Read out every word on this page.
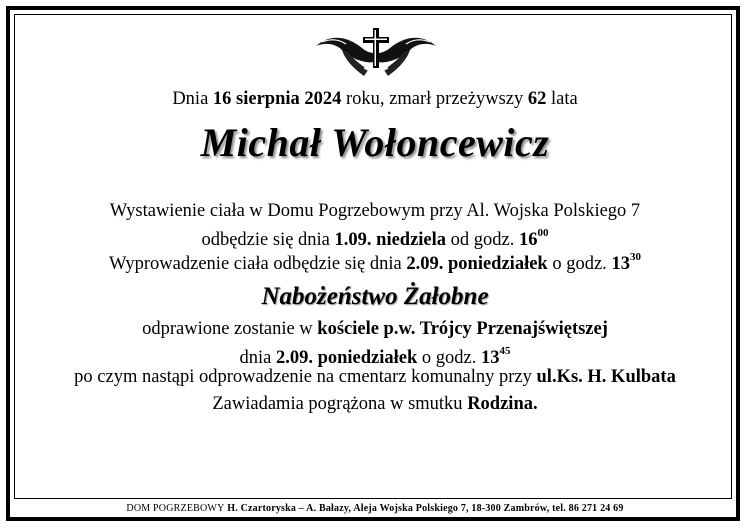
Dnia 16 sierpnia 2024 roku, zmarł przeżywszy 62 lata
Michał Wołoncewicz
Wystawienie ciała w Domu Pogrzebowym przy Al. Wojska Polskiego 7
odbędzie się dnia 1.09. niedziela od godz. $16^{00}$
Wyprowadzenie ciała odbędzie się dnia 2.09. poniedziałek o godz. $13^{30}$
Nabożeństwo Żałobne
odprawione zostanie w kościele p.w. Trójcy Przenajświętszej
dnia 2.09. poniedziałek o godz. $13^{45}$
po czym nastąpi odprowadzenie na cmentarz komunalny przy ul.Ks. H. Kulbata
Zawiadamia pogrążona w smutku Rodzina.
DOM POGRZEBOWY H. Czartoryska – A. Bałazy, Aleja Wojska Polskiego 7, 18-300 Zambrów, tel. 86 271 24 69
